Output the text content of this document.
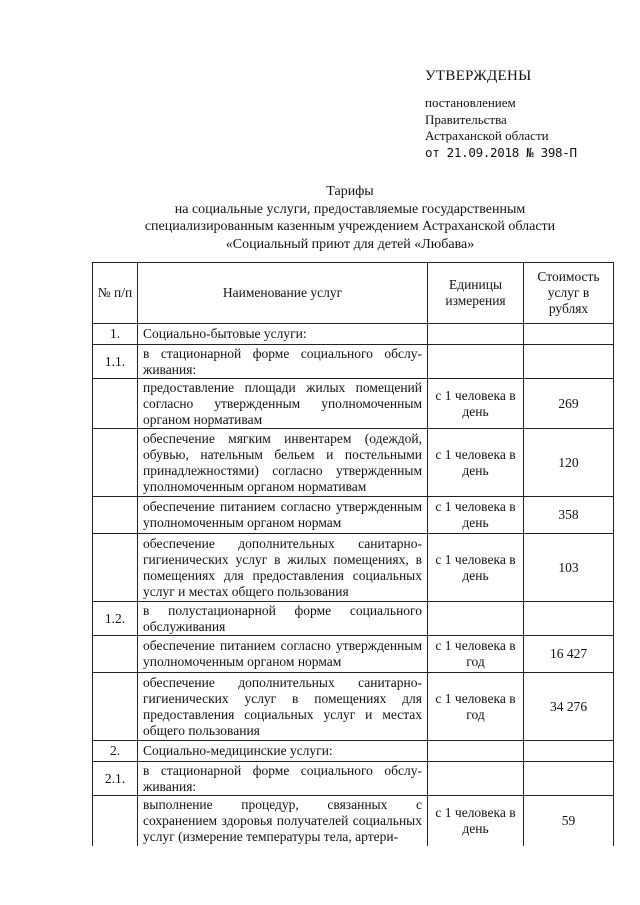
УТВЕРЖДЕНЫ
постановлением
Правительства
Астраханской области
от 21.09.2018 № 398-П
Тарифы
на социальные услуги, предоставляемые государственным
специализированным казенным учреждением Астраханской области
«Социальный приют для детей «Любава»
№ п/п	Наименование услуг	Единицы измерения	Стоимость услуг в рублях
1.	Социально-бытовые услуги:		
1.1.	в стационарной форме социального обслу-живания:		
	предоставление площади жилых помещений согласно утвержденным уполномоченным органом нормативам	с 1 человека в день	269
	обеспечение мягким инвентарем (одеждой, обувью, нательным бельем и постельными принадлежностями) согласно утвержденным уполномоченным органом нормативам	с 1 человека в день	120
	обеспечение питанием согласно утвержденным уполномоченным органом нормам	с 1 человека в день	358
	обеспечение дополнительных санитарно-гигиенических услуг в жилых помещениях, в помещениях для предоставления социальных услуг и местах общего пользования	с 1 человека в день	103
1.2.	в полустационарной форме социального обслуживания		
	обеспечение питанием согласно утвержденным уполномоченным органом нормам	с 1 человека в год	16 427
	обеспечение дополнительных санитарно-гигиенических услуг в помещениях для предоставления социальных услуг и местах общего пользования	с 1 человека в год	34 276
2.	Социально-медицинские услуги:		
2.1.	в стационарной форме социального обслу-живания:		
	выполнение процедур, связанных с сохранением здоровья получателей социальных услуг (измерение температуры тела, артери-	с 1 человека в день	59
